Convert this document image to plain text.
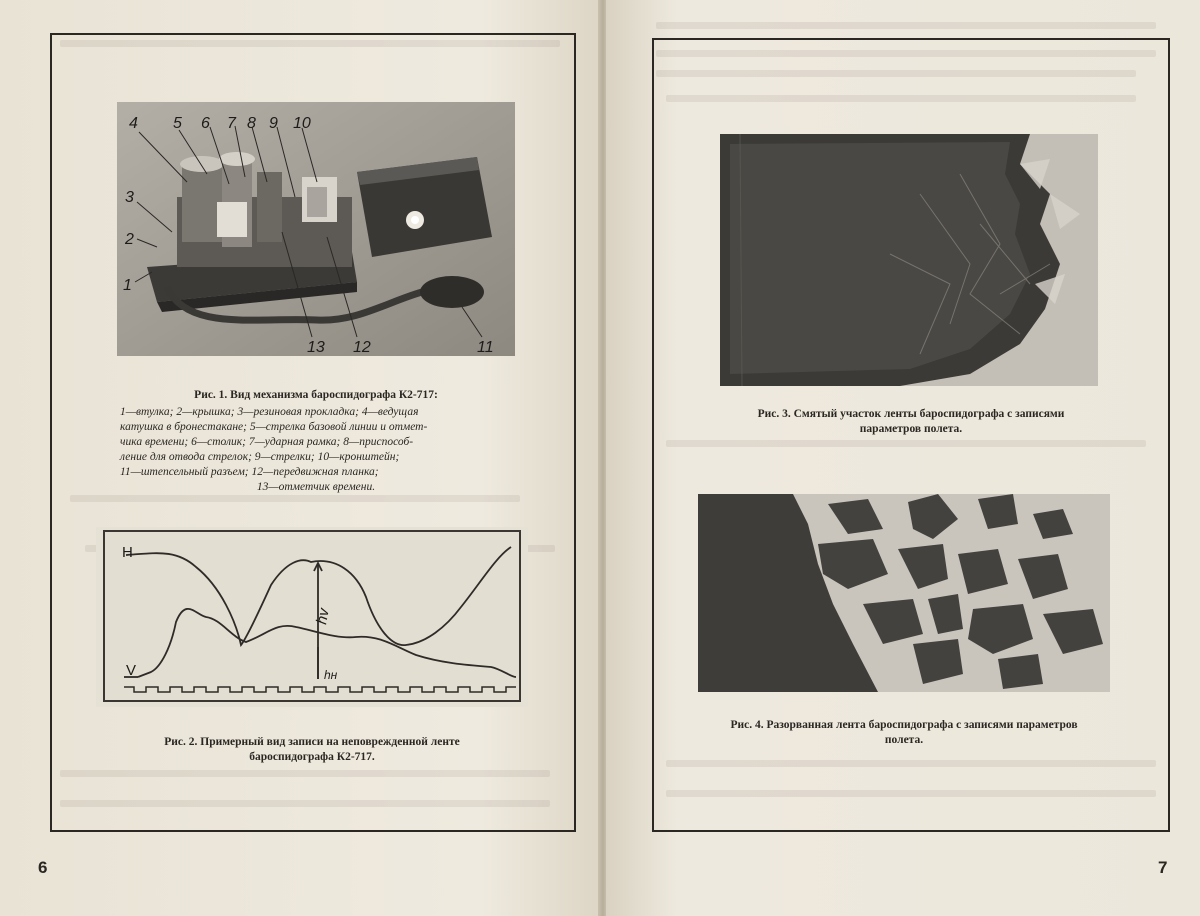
4 5 6 7 8 9 10
3
2
1
13 12	11
Рис. 1. Вид механизма бароспидографа К2-717:
1—втулка; 2—крышка; 3—резиновая прокладка; 4—ведущая
катушка в бронестакане; 5—стрелка базовой линии и отмет-
чика времени; 6—столик; 7—ударная рамка; 8—приспособ-
ление для отвода стрелок; 9—стрелки; 10—кронштейн;
11—штепсельный разъем; 12—передвижная планка;
13—отметчик времени.
H
V
hv
hн
Рис. 2. Примерный вид записи на неповрежденной ленте
бароспидографа К2-717.
6
Рис. 3. Смятый участок ленты бароспидографа с записями
параметров полета.
Рис. 4. Разорванная лента бароспидографа с записями параметров
полета.
7
